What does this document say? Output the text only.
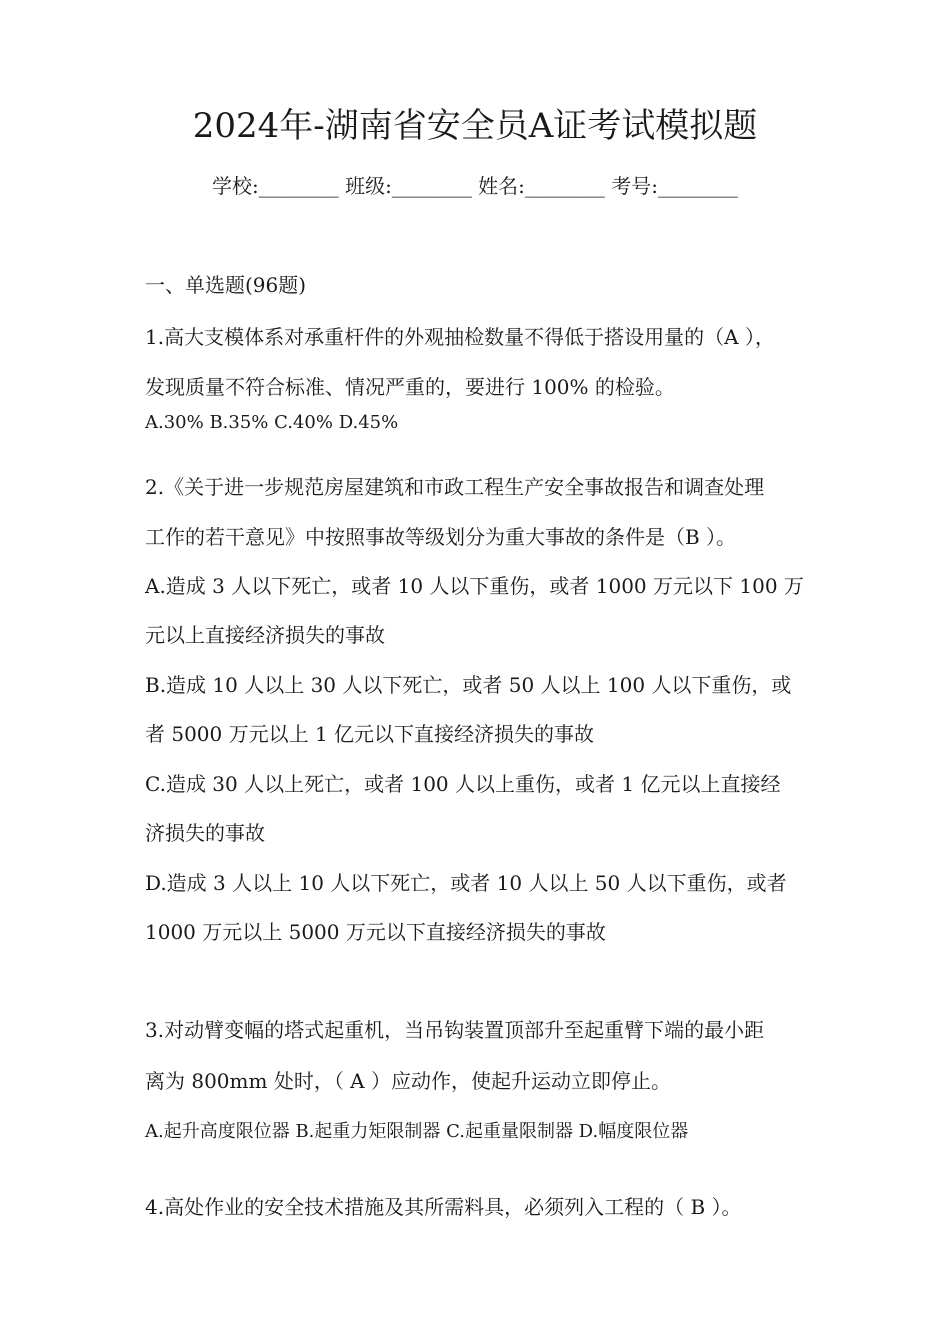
2024年-湖南省安全员A证考试模拟题
学校:________ 班级:________ 姓名:________ 考号:________
一、单选题(96题)
1.高大支模体系对承重杆件的外观抽检数量不得低于搭设用量的（A ），
发现质量不符合标准、情况严重的，要进行 100% 的检验。
A.30% B.35% C.40% D.45%
2.《关于进一步规范房屋建筑和市政工程生产安全事故报告和调查处理
工作的若干意见》中按照事故等级划分为重大事故的条件是（B ）。
A.造成 3 人以下死亡，或者 10 人以下重伤，或者 1000 万元以下 100 万
元以上直接经济损失的事故
B.造成 10 人以上 30 人以下死亡，或者 50 人以上 100 人以下重伤，或
者 5000 万元以上 1 亿元以下直接经济损失的事故
C.造成 30 人以上死亡，或者 100 人以上重伤，或者 1 亿元以上直接经
济损失的事故
D.造成 3 人以上 10 人以下死亡，或者 10 人以上 50 人以下重伤，或者
1000 万元以上 5000 万元以下直接经济损失的事故
3.对动臂变幅的塔式起重机，当吊钩装置顶部升至起重臂下端的最小距
离为 800mm 处时，（ A ）应动作，使起升运动立即停止。
A.起升高度限位器 B.起重力矩限制器 C.起重量限制器 D.幅度限位器
4.高处作业的安全技术措施及其所需料具，必须列入工程的（ B ）。
